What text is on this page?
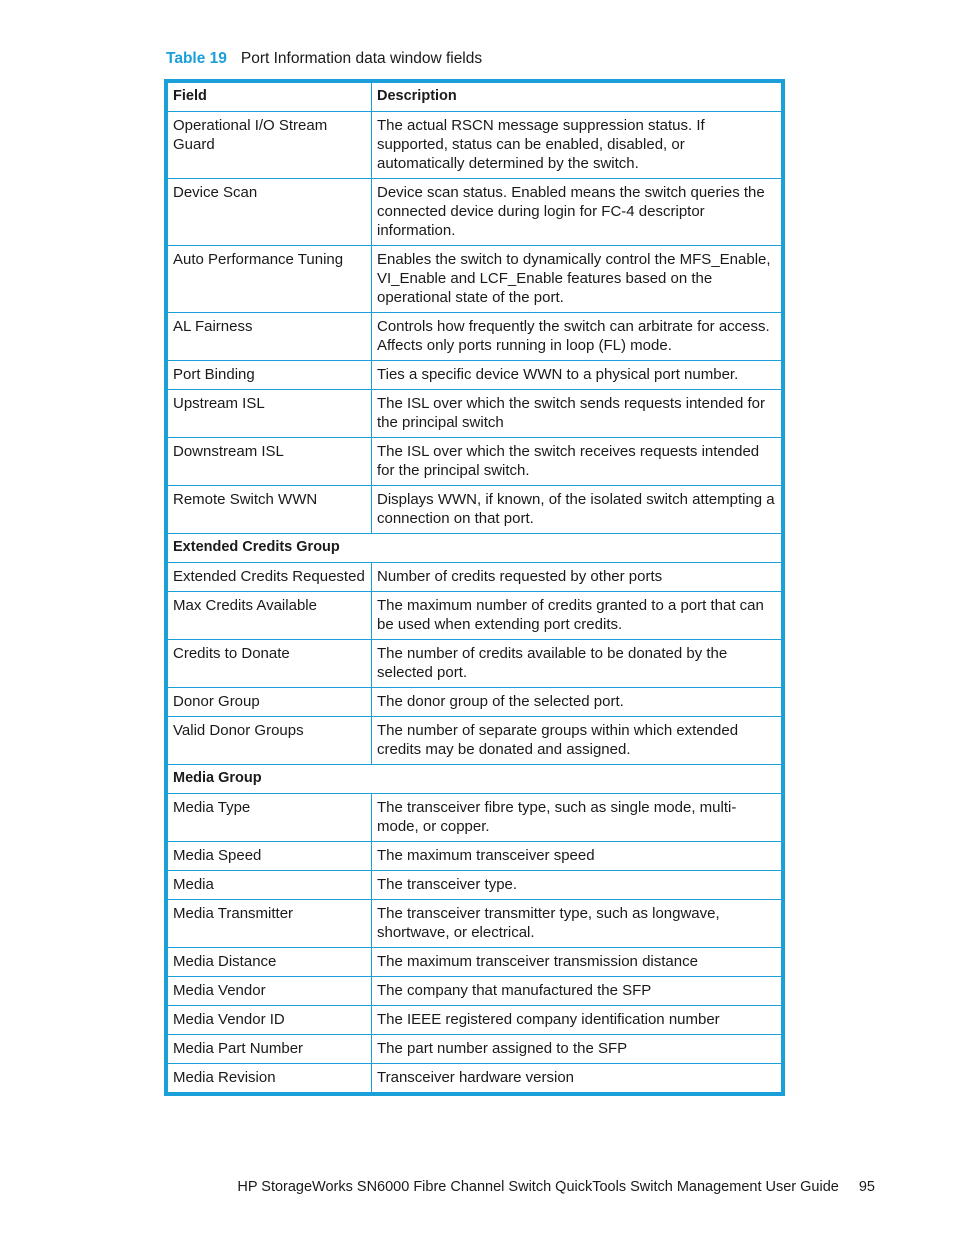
Table 19 Port Information data window fields
Field	Description
Operational I/O Stream Guard	The actual RSCN message suppression status. If supported, status can be enabled, disabled, or automatically determined by the switch.
Device Scan	Device scan status. Enabled means the switch queries the connected device during login for FC-4 descriptor information.
Auto Performance Tuning	Enables the switch to dynamically control the MFS_Enable, VI_Enable and LCF_Enable features based on the operational state of the port.
AL Fairness	Controls how frequently the switch can arbitrate for access. Affects only ports running in loop (FL) mode.
Port Binding	Ties a specific device WWN to a physical port number.
Upstream ISL	The ISL over which the switch sends requests intended for the principal switch
Downstream ISL	The ISL over which the switch receives requests intended for the principal switch.
Remote Switch WWN	Displays WWN, if known, of the isolated switch attempting a connection on that port.
Extended Credits Group	
Extended Credits Requested	Number of credits requested by other ports
Max Credits Available	The maximum number of credits granted to a port that can be used when extending port credits.
Credits to Donate	The number of credits available to be donated by the selected port.
Donor Group	The donor group of the selected port.
Valid Donor Groups	The number of separate groups within which extended credits may be donated and assigned.
Media Group	
Media Type	The transceiver fibre type, such as single mode, multi-mode, or copper.
Media Speed	The maximum transceiver speed
Media	The transceiver type.
Media Transmitter	The transceiver transmitter type, such as longwave, shortwave, or electrical.
Media Distance	The maximum transceiver transmission distance
Media Vendor	The company that manufactured the SFP
Media Vendor ID	The IEEE registered company identification number
Media Part Number	The part number assigned to the SFP
Media Revision	Transceiver hardware version
HP StorageWorks SN6000 Fibre Channel Switch QuickTools Switch Management User Guide 95
